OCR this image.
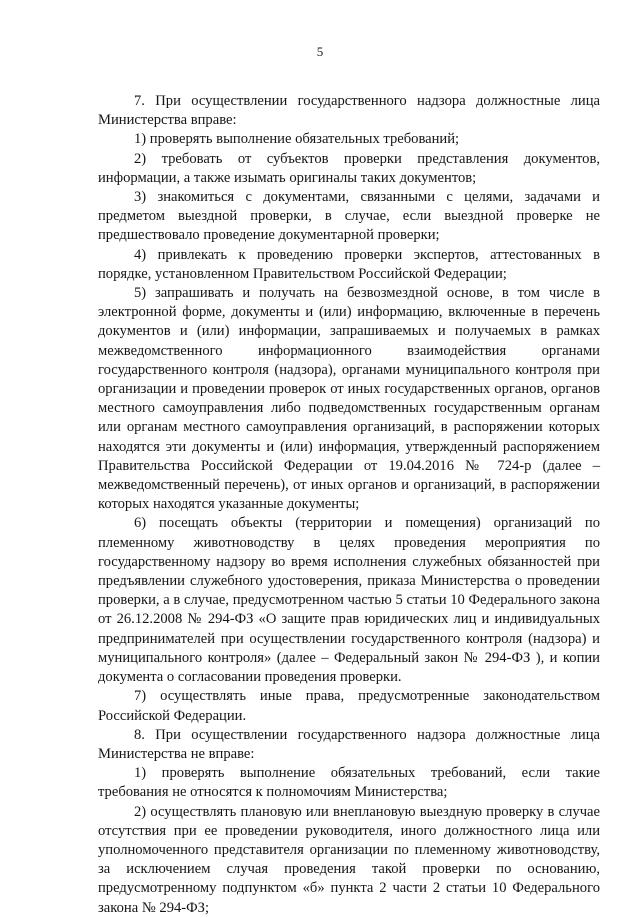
5

7. При осуществлении государственного надзора должностные лица Министерства вправе:

1) проверять выполнение обязательных требований;

2) требовать от субъектов проверки представления документов, информации, а также изымать оригиналы таких документов;

3) знакомиться с документами, связанными с целями, задачами и предметом выездной проверки, в случае, если выездной проверке не предшествовало проведение документарной проверки;

4) привлекать к проведению проверки экспертов, аттестованных в порядке, установленном Правительством Российской Федерации;

5) запрашивать и получать на безвозмездной основе, в том числе в электронной форме, документы и (или) информацию, включенные в перечень документов и (или) информации, запрашиваемых и получаемых в рамках межведомственного информационного взаимодействия органами государственного контроля (надзора), органами муниципального контроля при организации и проведении проверок от иных государственных органов, органов местного самоуправления либо подведомственных государственным органам или органам местного самоуправления организаций, в распоряжении которых находятся эти документы и (или) информация, утвержденный распоряжением Правительства Российской Федерации от 19.04.2016 № 724-р (далее – межведомственный перечень), от иных органов и организаций, в распоряжении которых находятся указанные документы;

6) посещать объекты (территории и помещения) организаций по племенному животноводству в целях проведения мероприятия по государственному надзору во время исполнения служебных обязанностей при предъявлении служебного удостоверения, приказа Министерства о проведении проверки, а в случае, предусмотренном частью 5 статьи 10 Федерального закона от 26.12.2008 № 294-ФЗ «О защите прав юридических лиц и индивидуальных предпринимателей при осуществлении государственного контроля (надзора) и муниципального контроля» (далее – Федеральный закон № 294-ФЗ ), и копии документа о согласовании проведения проверки.

7) осуществлять иные права, предусмотренные законодательством Российской Федерации.

8. При осуществлении государственного надзора должностные лица Министерства не вправе:

1) проверять выполнение обязательных требований, если такие требования не относятся к полномочиям Министерства;

2) осуществлять плановую или внеплановую выездную проверку в случае отсутствия при ее проведении руководителя, иного должностного лица или уполномоченного представителя организации по племенному животноводству, за исключением случая проведения такой проверки по основанию, предусмотренному подпунктом «б» пункта 2 части 2 статьи 10 Федерального закона № 294-ФЗ;
